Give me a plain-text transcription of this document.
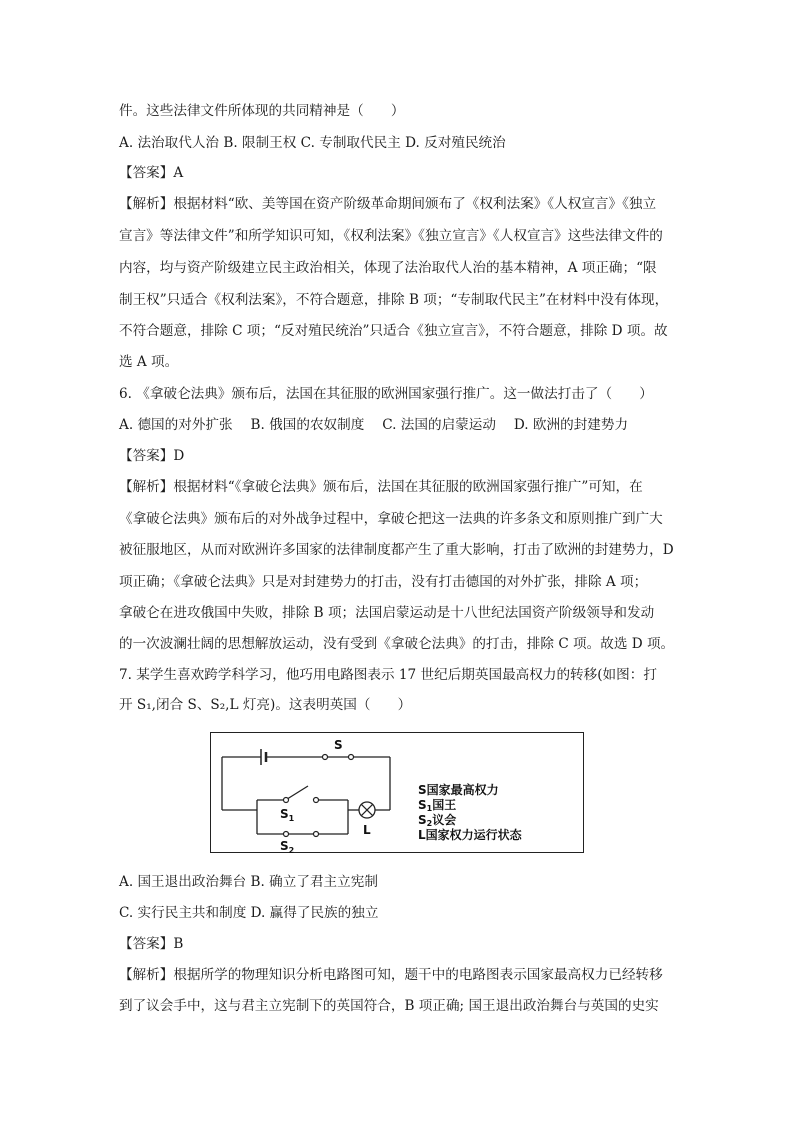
件。这些法律文件所体现的共同精神是（　　）
A. 法治取代人治 B. 限制王权 C. 专制取代民主 D. 反对殖民统治
【答案】A
【解析】根据材料“欧、美等国在资产阶级革命期间颁布了《权利法案》《人权宣言》《独立
宣言》等法律文件”和所学知识可知，《权利法案》《独立宣言》《人权宣言》这些法律文件的
内容，均与资产阶级建立民主政治相关，体现了法治取代人治的基本精神，A 项正确；“限
制王权”只适合《权利法案》，不符合题意，排除 B 项；“专制取代民主”在材料中没有体现，
不符合题意，排除 C 项；“反对殖民统治”只适合《独立宣言》，不符合题意，排除 D 项。故
选 A 项。
6. 《拿破仑法典》颁布后，法国在其征服的欧洲国家强行推广。这一做法打击了（　　）
A. 德国的对外扩张　 B. 俄国的农奴制度　 C. 法国的启蒙运动　 D. 欧洲的封建势力
【答案】D
【解析】根据材料“《拿破仑法典》颁布后，法国在其征服的欧洲国家强行推广”可知，在
《拿破仑法典》颁布后的对外战争过程中，拿破仑把这一法典的许多条文和原则推广到广大
被征服地区，从而对欧洲许多国家的法律制度都产生了重大影响，打击了欧洲的封建势力，D
项正确；《拿破仑法典》只是对封建势力的打击，没有打击德国的对外扩张，排除 A 项；
拿破仑在进攻俄国中失败，排除 B 项；法国启蒙运动是十八世纪法国资产阶级领导和发动
的一次波澜壮阔的思想解放运动，没有受到《拿破仑法典》的打击，排除 C 项。故选 D 项。
7. 某学生喜欢跨学科学习，他巧用电路图表示 17 世纪后期英国最高权力的转移(如图：打
开 S₁,闭合 S、S₂,L 灯亮)。这表明英国（　　）
S
$S_1$
$S_2$
L
S国家最高权力
S1国王
S2议会
L国家权力运行状态
A. 国王退出政治舞台 B. 确立了君主立宪制
C. 实行民主共和制度 D. 赢得了民族的独立
【答案】B
【解析】根据所学的物理知识分析电路图可知，题干中的电路图表示国家最高权力已经转移
到了议会手中，这与君主立宪制下的英国符合，B 项正确; 国王退出政治舞台与英国的史实
